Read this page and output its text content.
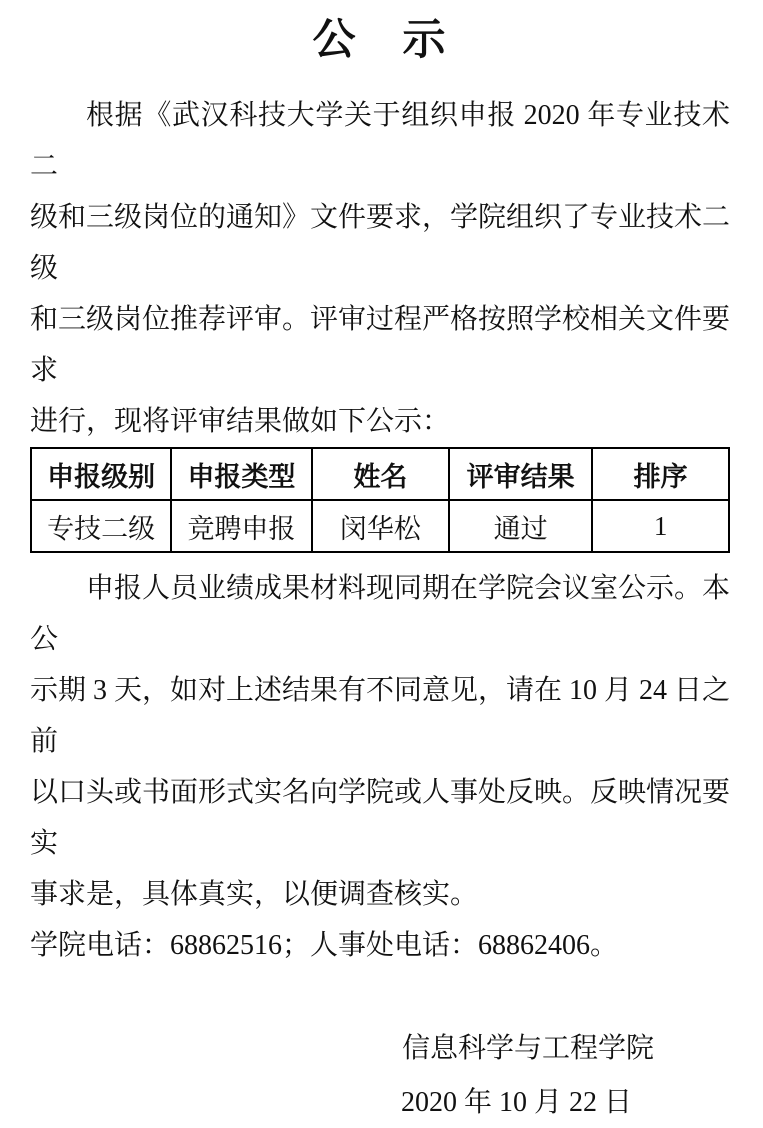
公　示
根据《武汉科技大学关于组织申报 2020 年专业技术二
级和三级岗位的通知》文件要求，学院组织了专业技术二级
和三级岗位推荐评审。评审过程严格按照学校相关文件要求
进行，现将评审结果做如下公示：
申报级别	申报类型	姓名	评审结果	排序
专技二级	竞聘申报	闵华松	通过	1
申报人员业绩成果材料现同期在学院会议室公示。本公
示期 3 天，如对上述结果有不同意见，请在 10 月 24 日之前
以口头或书面形式实名向学院或人事处反映。反映情况要实
事求是，具体真实，以便调查核实。
学院电话：68862516；人事处电话：68862406。
信息科学与工程学院
2020 年 10 月 22 日
